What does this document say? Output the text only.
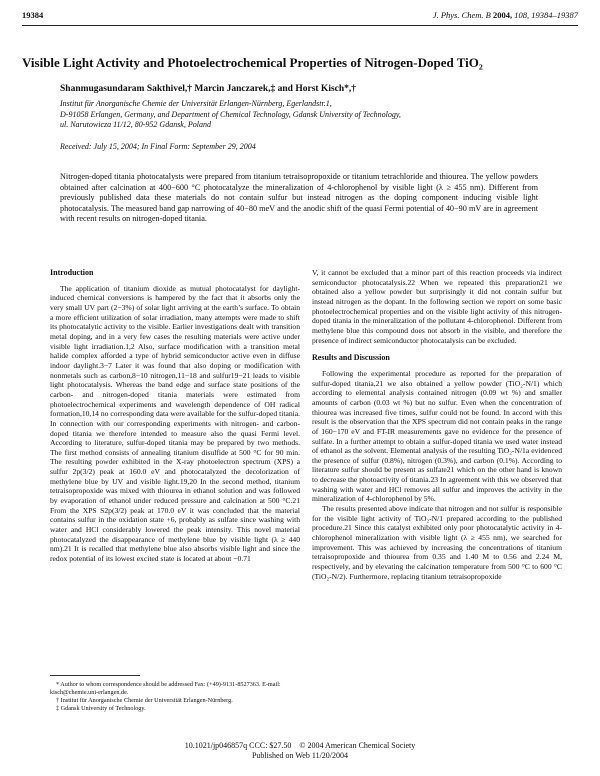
19384	J. Phys. Chem. B 2004, 108, 19384–19387
Visible Light Activity and Photoelectrochemical Properties of Nitrogen-Doped TiO₂
Shanmugasundaram Sakthivel,† Marcin Janczarek,‡ and Horst Kisch*,†
Institut für Anorganische Chemie der Universität Erlangen-Nürnberg, Egerlandstr.1,
D-91058 Erlangen, Germany, and Department of Chemical Technology, Gdansk University of Technology,
ul. Narutowicza 11/12, 80-952 Gdansk, Poland
Received: July 15, 2004; In Final Form: September 29, 2004

Nitrogen-doped titania photocatalysts were prepared from titanium tetraisopropoxide or titanium tetrachloride and thiourea. The yellow powders obtained after calcination at 400−600 °C photocatalyze the mineralization of 4-chlorophenol by visible light (λ ≥ 455 nm). Different from previously published data these materials do not contain sulfur but instead nitrogen as the doping component inducing visible light photocatalysis. The measured band gap narrowing of 40−80 meV and the anodic shift of the quasi Fermi potential of 40−90 mV are in agreement with recent results on nitrogen-doped titania.

Introduction

The application of titanium dioxide as mutual photocatalyst for daylight-induced chemical conversions is hampered by the fact that it absorbs only the very small UV part (2−3%) of solar light arriving at the earth’s surface. To obtain a more efficient utilization of solar irradiation, many attempts were made to shift its photocatalytic activity to the visible. Earlier investigations dealt with transition metal doping, and in a very few cases the resulting materials were active under visible light irradiation.1,2 Also, surface modification with a transition metal halide complex afforded a type of hybrid semiconductor active even in diffuse indoor daylight.3−7 Later it was found that also doping or modification with nonmetals such as carbon,8−10 nitrogen,11−18 and sulfur19−21 leads to visible light photocatalysis. Whereas the band edge and surface state positions of the carbon- and nitrogen-doped titania materials were estimated from photoelectrochemical experiments and wavelength dependence of OH radical formation,10,14 no corresponding data were available for the sulfur-doped titania. In connection with our corresponding experiments with nitrogen- and carbon-doped titania we therefore intended to measure also the quasi Fermi level. According to literature, sulfur-doped titania may be prepared by two methods. The first method consists of annealing titanium disulfide at 500 °C for 90 min. The resulting powder exhibited in the X-ray photoelectron spectrum (XPS) a sulfur 2p(3/2) peak at 160.0 eV and photocatalyzed the decolorization of methylene blue by UV and visible light.19,20 In the second method, titanium tetraisopropoxide was mixed with thiourea in ethanol solution and was followed by evaporation of ethanol under reduced pressure and calcination at 500 °C.21 From the XPS S2p(3/2) peak at 170.0 eV it was concluded that the material contains sulfur in the oxidation state +6, probably as sulfate since washing with water and HCl considerably lowered the peak intensity. This novel material photocatalyzed the disappearance of methylene blue by visible light (λ ≥ 440 nm).21 It is recalled that methylene blue also absorbs visible light and since the redox potential of its lowest excited state is located at about −0.71

V, it cannot be excluded that a minor part of this reaction proceeds via indirect semiconductor photocatalysis.22 When we repeated this preparation21 we obtained also a yellow powder but surprisingly it did not contain sulfur but instead nitrogen as the dopant. In the following section we report on some basic photoelectrochemical properties and on the visible light activity of this nitrogen-doped titania in the mineralization of the pollutant 4-chlorophenol. Different from methylene blue this compound does not absorb in the visible, and therefore the presence of indirect semiconductor photocatalysis can be excluded.

Results and Discussion

Following the experimental procedure as reported for the preparation of sulfur-doped titania,21 we also obtained a yellow powder (TiO₂-N/1) which according to elemental analysis contained nitrogen (0.09 wt %) and smaller amounts of carbon (0.03 wt %) but no sulfur. Even when the concentration of thiourea was increased five times, sulfur could not be found. In accord with this result is the observation that the XPS spectrum did not contain peaks in the range of 160−170 eV and FT-IR measurements gave no evidence for the presence of sulfate. In a further attempt to obtain a sulfur-doped titania we used water instead of ethanol as the solvent. Elemental analysis of the resulting TiO₂-N/1a evidenced the presence of sulfur (0.8%), nitrogen (0.3%), and carbon (0.1%). According to literature sulfur should be present as sulfate21 which on the other hand is known to decrease the photoactivity of titania.23 In agreement with this we observed that washing with water and HCl removes all sulfur and improves the activity in the mineralization of 4-chlorophenol by 5%.

The results presented above indicate that nitrogen and not sulfur is responsible for the visible light activity of TiO₂-N/1 prepared according to the published procedure.21 Since this catalyst exhibited only poor photocatalytic activity in 4-chlorophenol mineralization with visible light (λ ≥ 455 nm), we searched for improvement. This was achieved by increasing the concentrations of titanium tetraisopropoxide and thiourea from 0.35 and 1.40 M to 0.56 and 2.24 M, respectively, and by elevating the calcination temperature from 500 °C to 600 °C (TiO₂-N/2). Furthermore, replacing titanium tetraisopropoxide

* Author to whom correspondence should be addressed Fax: (+49)-9131-8527363. E-mail: kisch@chemie.uni-erlangen.de.
† Institut für Anorganische Chemie der Universität Erlangen-Nürnberg.
‡ Gdansk University of Technology.
10.1021/jp046857q CCC: $27.50    © 2004 American Chemical Society
Published on Web 11/20/2004
